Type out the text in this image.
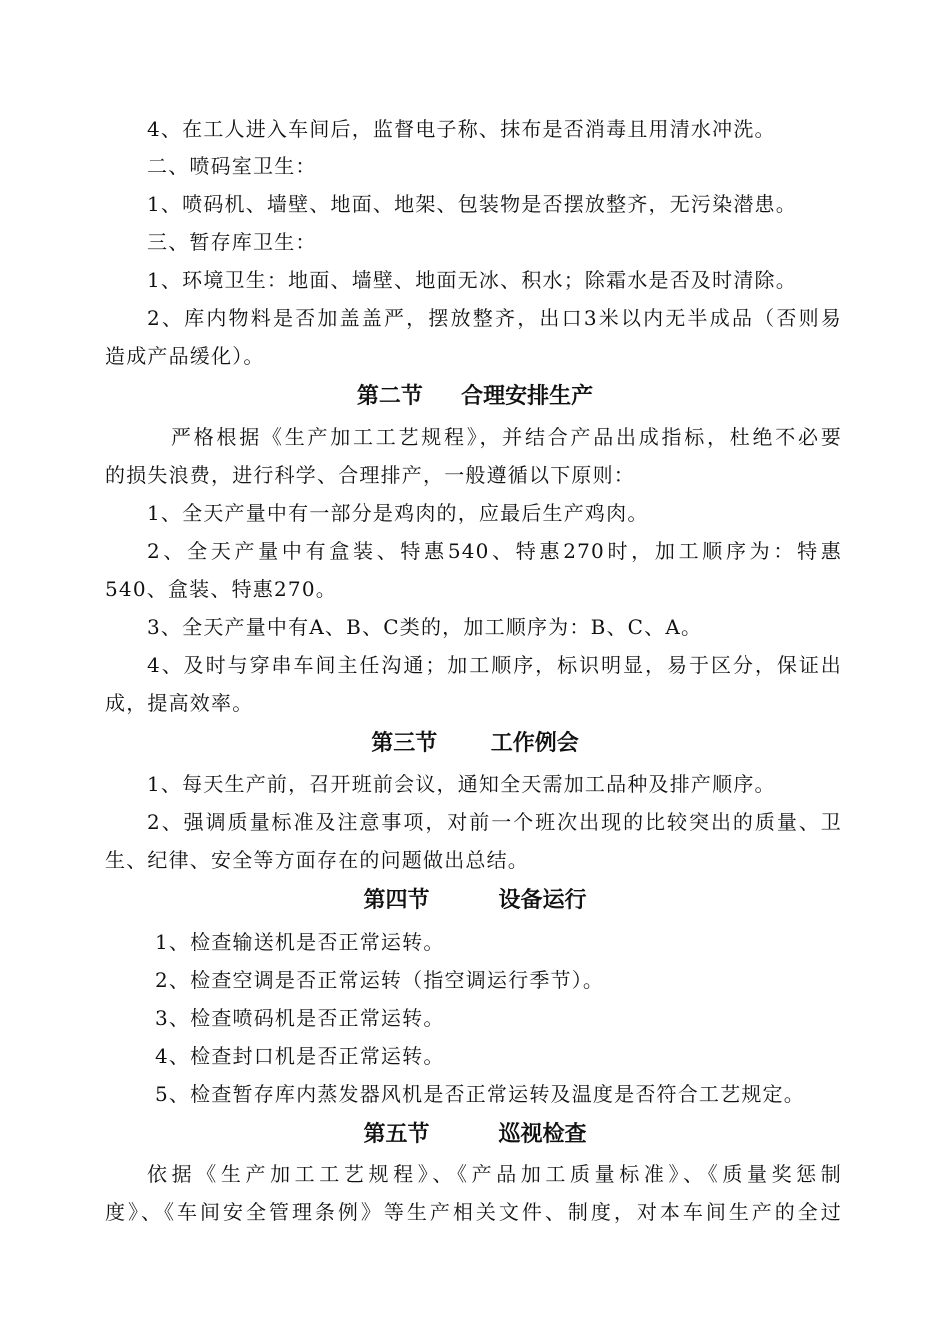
4、在工人进入车间后，监督电子称、抹布是否消毒且用清水冲洗。
二、喷码室卫生：
1、喷码机、墙壁、地面、地架、包装物是否摆放整齐，无污染潜患。
三、暂存库卫生：
1、环境卫生：地面、墙壁、地面无冰、积水；除霜水是否及时清除。
2、库内物料是否加盖盖严，摆放整齐，出口3米以内无半成品（否则易
造成产品缓化）。
第二节     合理安排生产
严格根据《生产加工工艺规程》，并结合产品出成指标，杜绝不必要
的损失浪费，进行科学、合理排产，一般遵循以下原则：
1、全天产量中有一部分是鸡肉的，应最后生产鸡肉。
2、全天产量中有盒装、特惠540、特惠270时，加工顺序为：特惠
540、盒装、特惠270。
3、全天产量中有A、B、C类的，加工顺序为：B、C、A。
4、及时与穿串车间主任沟通；加工顺序，标识明显，易于区分，保证出
成，提高效率。
第三节       工作例会
1、每天生产前，召开班前会议，通知全天需加工品种及排产顺序。
2、强调质量标准及注意事项，对前一个班次出现的比较突出的质量、卫
生、纪律、安全等方面存在的问题做出总结。
第四节         设备运行
1、检查输送机是否正常运转。
2、检查空调是否正常运转（指空调运行季节）。
3、检查喷码机是否正常运转。
4、检查封口机是否正常运转。
5、检查暂存库内蒸发器风机是否正常运转及温度是否符合工艺规定。
第五节         巡视检查
依据《生产加工工艺规程》、《产品加工质量标准》、《质量奖惩制
度》、《车间安全管理条例》等生产相关文件、制度，对本车间生产的全过
